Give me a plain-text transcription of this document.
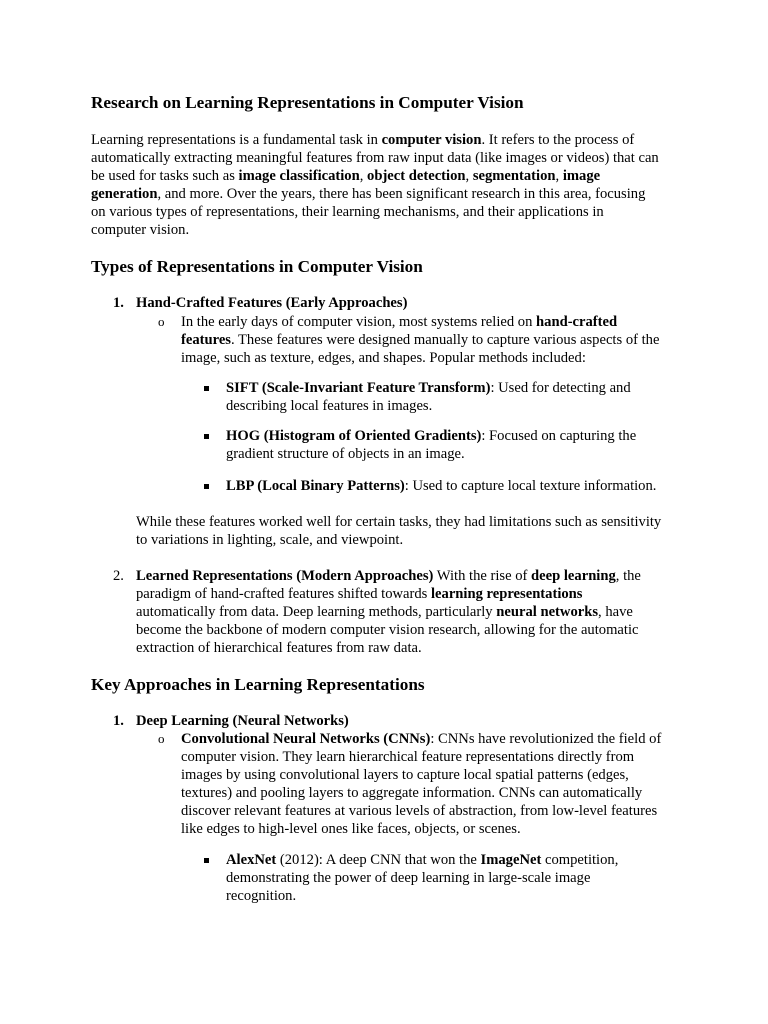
Research on Learning Representations in Computer Vision
Learning representations is a fundamental task in computer vision. It refers to the process of
automatically extracting meaningful features from raw input data (like images or videos) that can
be used for tasks such as image classification, object detection, segmentation, image
generation, and more. Over the years, there has been significant research in this area, focusing
on various types of representations, their learning mechanisms, and their applications in
computer vision.
Types of Representations in Computer Vision
1. Hand-Crafted Features (Early Approaches)
o In the early days of computer vision, most systems relied on hand-crafted
features. These features were designed manually to capture various aspects of the
image, such as texture, edges, and shapes. Popular methods included:
SIFT (Scale-Invariant Feature Transform): Used for detecting and
describing local features in images.
HOG (Histogram of Oriented Gradients): Focused on capturing the
gradient structure of objects in an image.
LBP (Local Binary Patterns): Used to capture local texture information.
While these features worked well for certain tasks, they had limitations such as sensitivity
to variations in lighting, scale, and viewpoint.
2. Learned Representations (Modern Approaches) With the rise of deep learning, the
paradigm of hand-crafted features shifted towards learning representations
automatically from data. Deep learning methods, particularly neural networks, have
become the backbone of modern computer vision research, allowing for the automatic
extraction of hierarchical features from raw data.
Key Approaches in Learning Representations
1. Deep Learning (Neural Networks)
o Convolutional Neural Networks (CNNs): CNNs have revolutionized the field of
computer vision. They learn hierarchical feature representations directly from
images by using convolutional layers to capture local spatial patterns (edges,
textures) and pooling layers to aggregate information. CNNs can automatically
discover relevant features at various levels of abstraction, from low-level features
like edges to high-level ones like faces, objects, or scenes.
AlexNet (2012): A deep CNN that won the ImageNet competition,
demonstrating the power of deep learning in large-scale image
recognition.
